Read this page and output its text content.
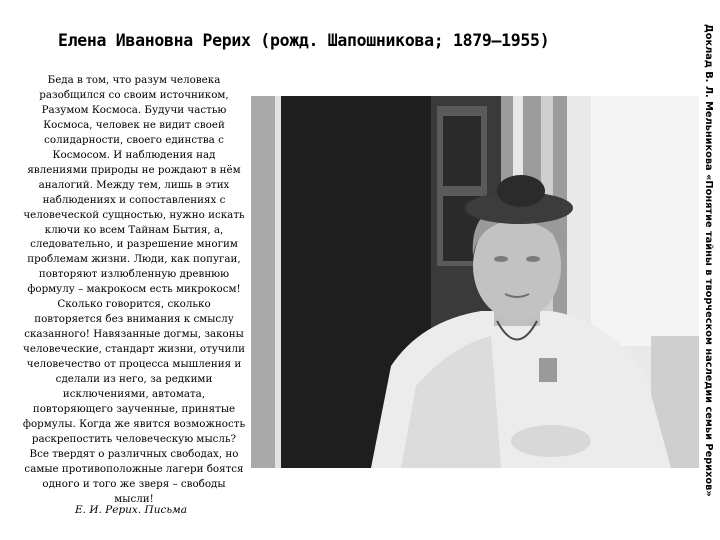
Елена Ивановна Рерих (рожд. Шапошникова; 1879—1955)
Беда в том, что разум человека
разобщился со своим источником,
Разумом Космоса. Будучи частью
Космоса, человек не видит своей
солидарности, своего единства с
Космосом. И наблюдения над
явлениями природы не рождают в нём
аналогий. Между тем, лишь в этих
наблюдениях и сопоставлениях с
человеческой сущностью, нужно искать
ключи ко всем Тайнам Бытия, а,
следовательно, и разрешение многим
проблемам жизни. Люди, как попугаи,
повторяют излюбленную древнюю
формулу – макрокосм есть микрокосм!
Сколько говорится, сколько
повторяется без внимания к смыслу
сказанного! Навязанные догмы, законы
человеческие, стандарт жизни, отучили
человечество от процесса мышления и
сделали из него, за редкими
исключениями, автомата,
повторяющего заученные, принятые
формулы. Когда же явится возможность
раскрепостить человеческую мысль?
Все твердят о различных свободах, но
самые противоположные лагери боятся
одного и того же зверя – свободы
мысли!
Е. И. Рерих. Письма
Доклад В. Л. Мельникова «Понятие тайны в творческом наследии семьи Рерихов»
